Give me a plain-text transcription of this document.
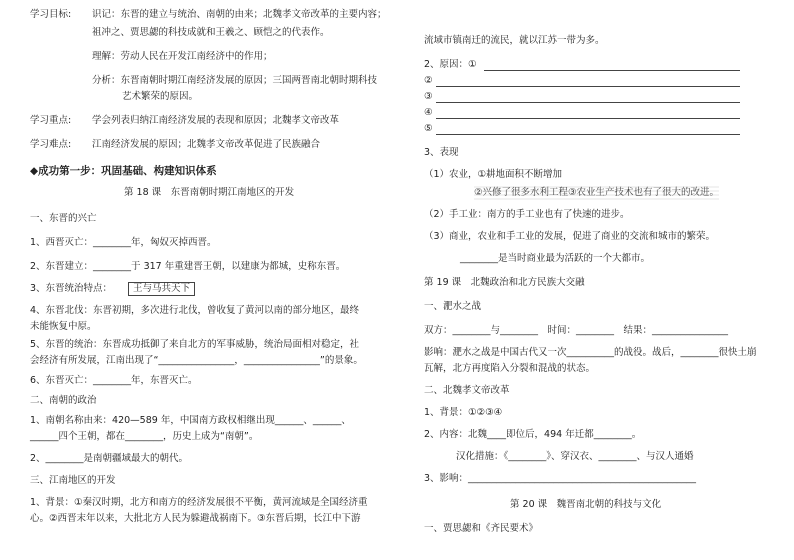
学习目标: 识记：东晋的建立与统治、南朝的由来；北魏孝文帝改革的主要内容；
祖冲之、贾思勰的科技成就和王羲之、顾恺之的代表作。
理解：劳动人民在开发江南经济中的作用；
分析：东晋南朝时期江南经济发展的原因；三国两晋南北朝时期科技
艺术繁荣的原因。
学习重点: 学会列表归纳江南经济发展的表现和原因；北魏孝文帝改革
学习难点: 江南经济发展的原因；北魏孝文帝改革促进了民族融合
◆成功第一步：巩固基础、构建知识体系
第 18 课　东晋南朝时期江南地区的开发
一、东晋的兴亡
1、西晋灭亡：________年，匈奴灭掉西晋。
2、东晋建立：________于 317 年重建晋王朝，以建康为都城，史称东晋。
3、东晋统治特点：	王与马共天下
4、东晋北伐：东晋初期，多次进行北伐，曾收复了黄河以南的部分地区，最终
未能恢复中原。
5、东晋的统治：东晋成功抵御了来自北方的军事威胁，统治局面相对稳定，社
会经济有所发展，江南出现了“________________，________________”的景象。
6、东晋灭亡：________年，东晋灭亡。
二、南朝的政治
1、南朝名称由来：420—589 年，中国南方政权相继出现______、______、
______四个王朝，都在________，历史上成为“南朝”。
2、________是南朝疆域最大的朝代。
三、江南地区的开发
1、背景：①秦汉时期，北方和南方的经济发展很不平衡，黄河流域是全国经济重
心。②西晋末年以来，大批北方人民为躲避战祸南下。③东晋后期，长江中下游
流域市镇南迁的流民，就以江苏一带为多。
2、原因：①
②
③
④
⑤
3、表现
（1）农业，①耕地面积不断增加
②兴修了很多水利工程③农业生产技术也有了很大的改进。
（2）手工业：南方的手工业也有了快速的进步。
（3）商业，农业和手工业的发展，促进了商业的交流和城市的繁荣。
________是当时商业最为活跃的一个大都市。
第 19 课　北魏政治和北方民族大交融
一、淝水之战
双方：________与________　时间：________　结果：________________
影响：淝水之战是中国古代又一次__________的战役。战后，________很快土崩
瓦解，北方再度陷入分裂和混战的状态。
二、北魏孝文帝改革
1、背景：①②③④
2、内容：北魏____即位后，494 年迁都________。
汉化措施：《________》、穿汉衣、________、与汉人通婚
3、影响：________________________________________________
第 20 课　魏晋南北朝的科技与文化
一、贾思勰和《齐民要术》
